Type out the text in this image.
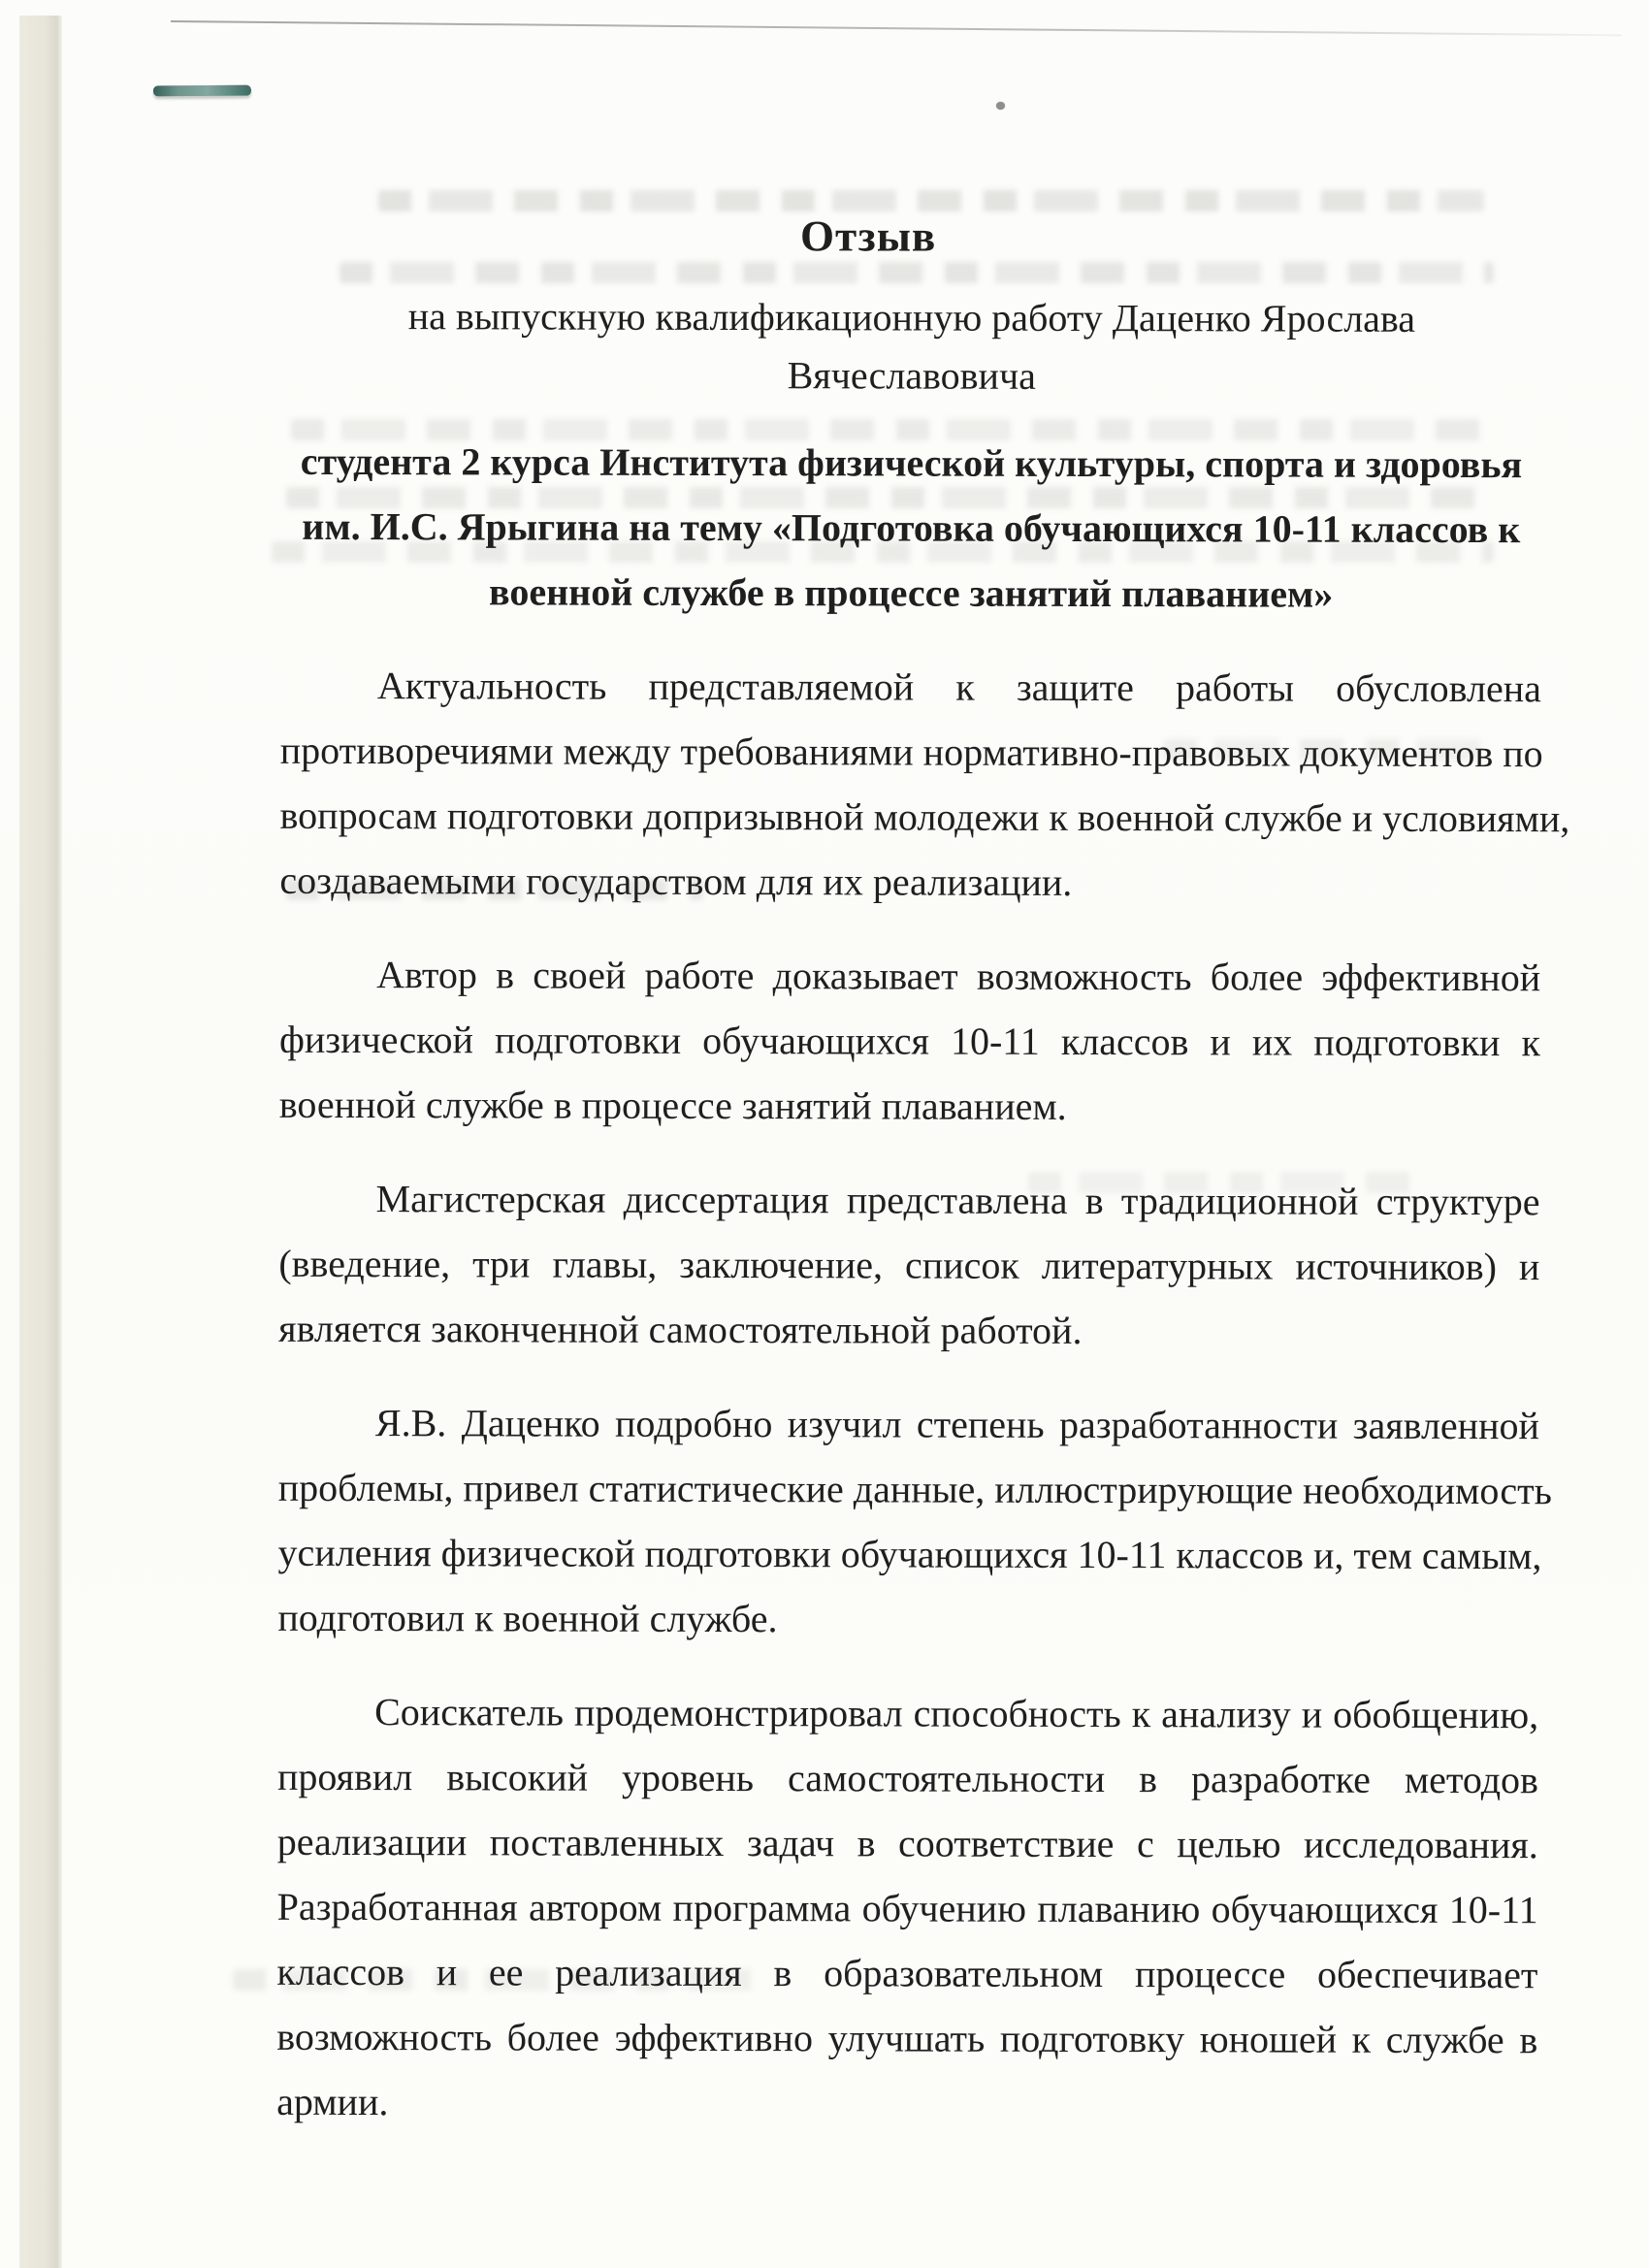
Отзыв
на выпускную квалификационную работу Даценко Ярослава Вячеславовича
студента 2 курса Института физической культуры, спорта и здоровья
им. И.С. Ярыгина на тему «Подготовка обучающихся 10-11 классов к
военной службе в процессе занятий плаванием»
Актуальность представляемой к защите работы обусловлена
противоречиями между требованиями нормативно-правовых документов по
вопросам подготовки допризывной молодежи к военной службе и условиями,
создаваемыми государством для их реализации.
Автор в своей работе доказывает возможность более эффективной
физической подготовки обучающихся 10-11 классов и их подготовки к
военной службе в процессе занятий плаванием.
Магистерская диссертация представлена в традиционной структуре
(введение, три главы, заключение, список литературных источников) и
является законченной самостоятельной работой.
Я.В. Даценко подробно изучил степень разработанности заявленной
проблемы, привел статистические данные, иллюстрирующие необходимость
усиления физической подготовки обучающихся 10-11 классов и, тем самым,
подготовил к военной службе.
Соискатель продемонстрировал способность к анализу и обобщению,
проявил высокий уровень самостоятельности в разработке методов
реализации поставленных задач в соответствие с целью исследования.
Разработанная автором программа обучению плаванию обучающихся 10-11
классов и ее реализация в образовательном процессе обеспечивает
возможность более эффективно улучшать подготовку юношей к службе в
армии.
